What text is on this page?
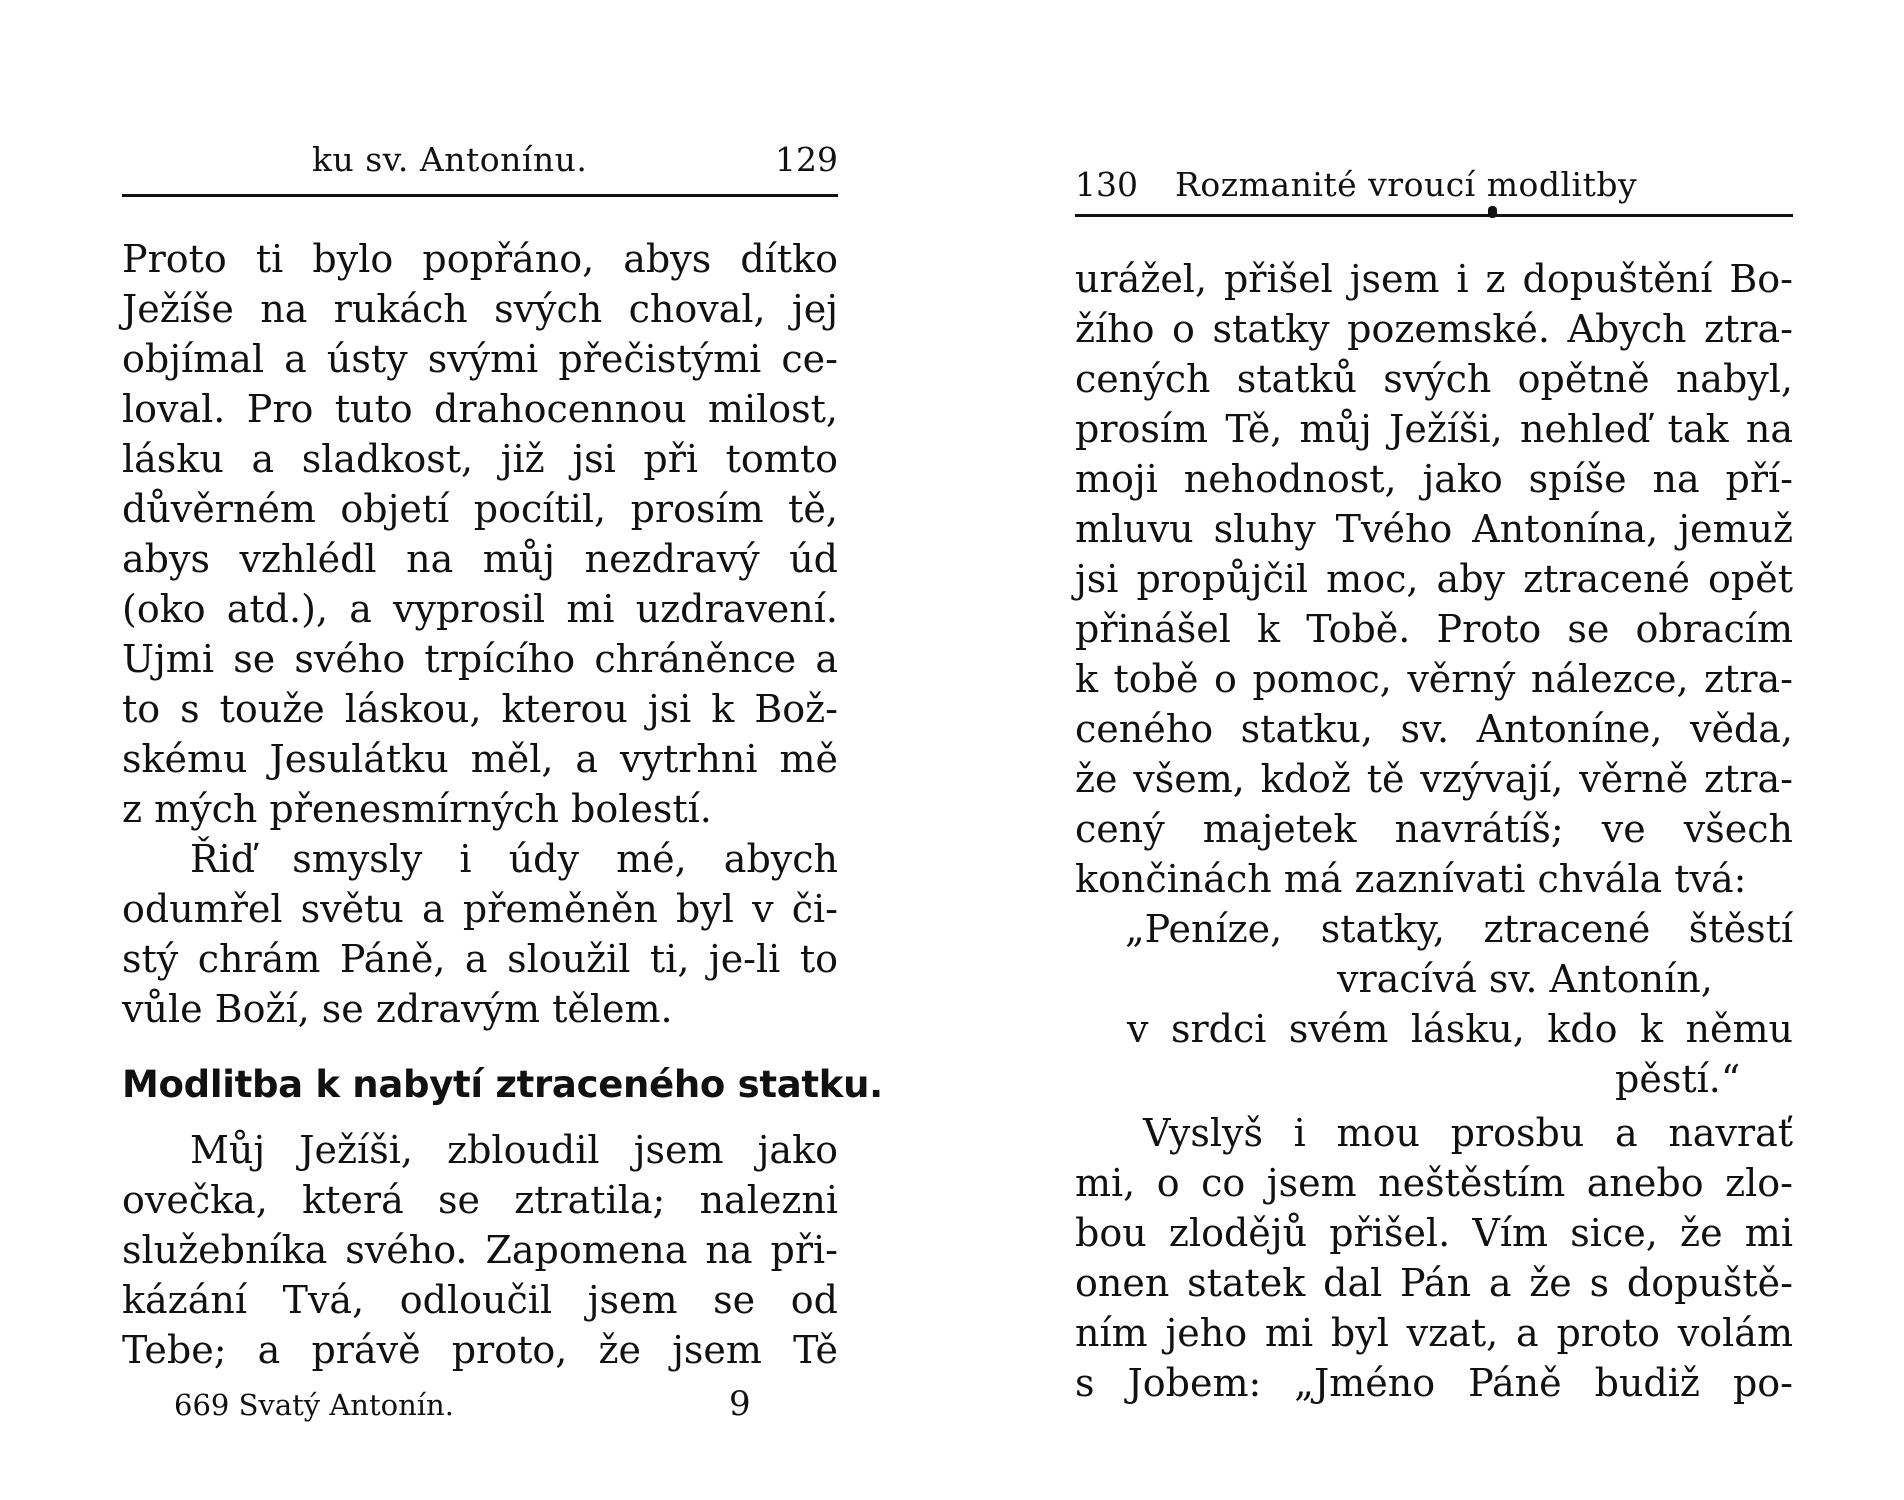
ku sv. Antonínu.	129
Proto ti bylo popřáno, abys dítko
Ježíše na rukách svých choval, jej
objímal a ústy svými přečistými ce-
loval. Pro tuto drahocennou milost,
lásku a sladkost, již jsi při tomto
důvěrném objetí pocítil, prosím tě,
abys vzhlédl na můj nezdravý úd
(oko atd.), a vyprosil mi uzdravení.
Ujmi se svého trpícího chráněnce a
to s touže láskou, kterou jsi k Bož-
skému Jesulátku měl, a vytrhni mě
z mých přenesmírných bolestí.
Řiď smysly i údy mé, abych
odumřel světu a přeměněn byl v či-
stý chrám Páně, a sloužil ti, je-li to
vůle Boží, se zdravým tělem.
Modlitba k nabytí ztraceného statku.
Můj Ježíši, zbloudil jsem jako
ovečka, která se ztratila; nalezni
služebníka svého. Zapomena na při-
kázání Tvá, odloučil jsem se od
Tebe; a právě proto, že jsem Tě
669 Svatý Antonín.	9
130 Rozmanité vroucí modlitby
urážel, přišel jsem i z dopuštění Bo-
žího o statky pozemské. Abych ztra-
cených statků svých opětně nabyl,
prosím Tě, můj Ježíši, nehleď tak na
moji nehodnost, jako spíše na pří-
mluvu sluhy Tvého Antonína, jemuž
jsi propůjčil moc, aby ztracené opět
přinášel k Tobě. Proto se obracím
k tobě o pomoc, věrný nálezce, ztra-
ceného statku, sv. Antoníne, věda,
že všem, kdož tě vzývají, věrně ztra-
cený majetek navrátíš; ve všech
končinách má zaznívati chvála tvá:
„Peníze, statky, ztracené štěstí
vracívá sv. Antonín,
v srdci svém lásku, kdo k němu
pěstí.“
Vyslyš i mou prosbu a navrať
mi, o co jsem neštěstím anebo zlo-
bou zlodějů přišel. Vím sice, že mi
onen statek dal Pán a že s dopuště-
ním jeho mi byl vzat, a proto volám
s Jobem: „Jméno Páně budiž po-
